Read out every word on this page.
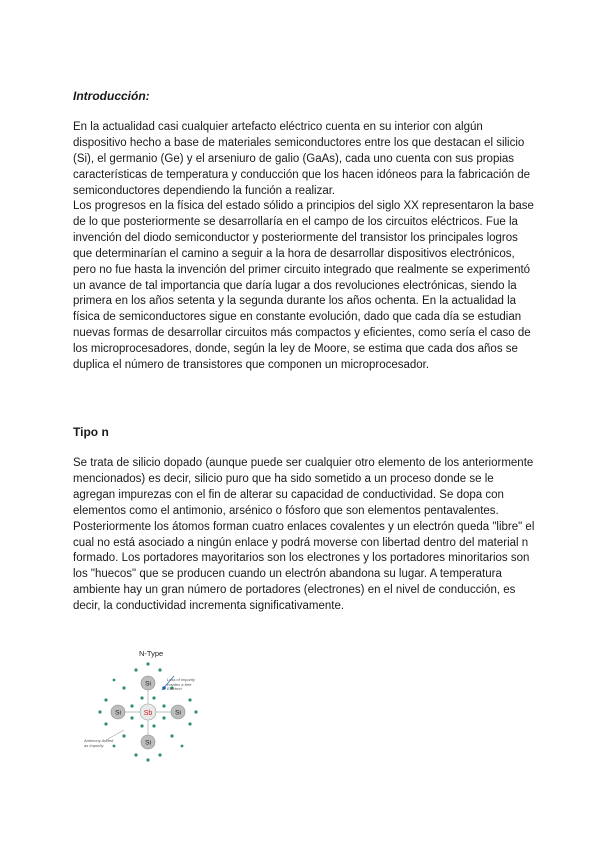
Introducción:

En la actualidad casi cualquier artefacto eléctrico cuenta en su interior con algún dispositivo hecho a base de materiales semiconductores entre los que destacan el silicio (Si), el germanio (Ge) y el arseniuro de galio (GaAs), cada uno cuenta con sus propias características de temperatura y conducción que los hacen idóneos para la fabricación de semiconductores dependiendo la función a realizar.

Los progresos en la física del estado sólido a principios del siglo XX representaron la base de lo que posteriormente se desarrollaría en el campo de los circuitos eléctricos. Fue la invención del diodo semiconductor y posteriormente del transistor los principales logros que determinarían el camino a seguir a la hora de desarrollar dispositivos electrónicos, pero no fue hasta la invención del primer circuito integrado que realmente se experimentó un avance de tal importancia que daría lugar a dos revoluciones electrónicas, siendo la primera en los años setenta y la segunda durante los años ochenta. En la actualidad la física de semiconductores sigue en constante evolución, dado que cada día se estudian nuevas formas de desarrollar circuitos más compactos y eficientes, como sería el caso de los microprocesadores, donde, según la ley de Moore, se estima que cada dos años se duplica el número de transistores que componen un microprocesador.

Tipo n

Se trata de silicio dopado (aunque puede ser cualquier otro elemento de los anteriormente mencionados) es decir, silicio puro que ha sido sometido a un proceso donde se le agregan impurezas con el fin de alterar su capacidad de conductividad. Se dopa con elementos como el antimonio, arsénico o fósforo que son elementos pentavalentes. Posteriormente los átomos forman cuatro enlaces covalentes y un electrón queda "libre" el cual no está asociado a ningún enlace y podrá moverse con libertad dentro del material n formado. Los portadores mayoritarios son los electrones y los portadores minoritarios son los "huecos" que se producen cuando un electrón abandona su lugar. A temperatura ambiente hay un gran número de portadores (electrones) en el nivel de conducción, es decir, la conductividad incrementa significativamente.

N-Type

Si
Si	Sb	Si
Si

Loss of impurity creates a free Electron

Antimony Added as Impurity
